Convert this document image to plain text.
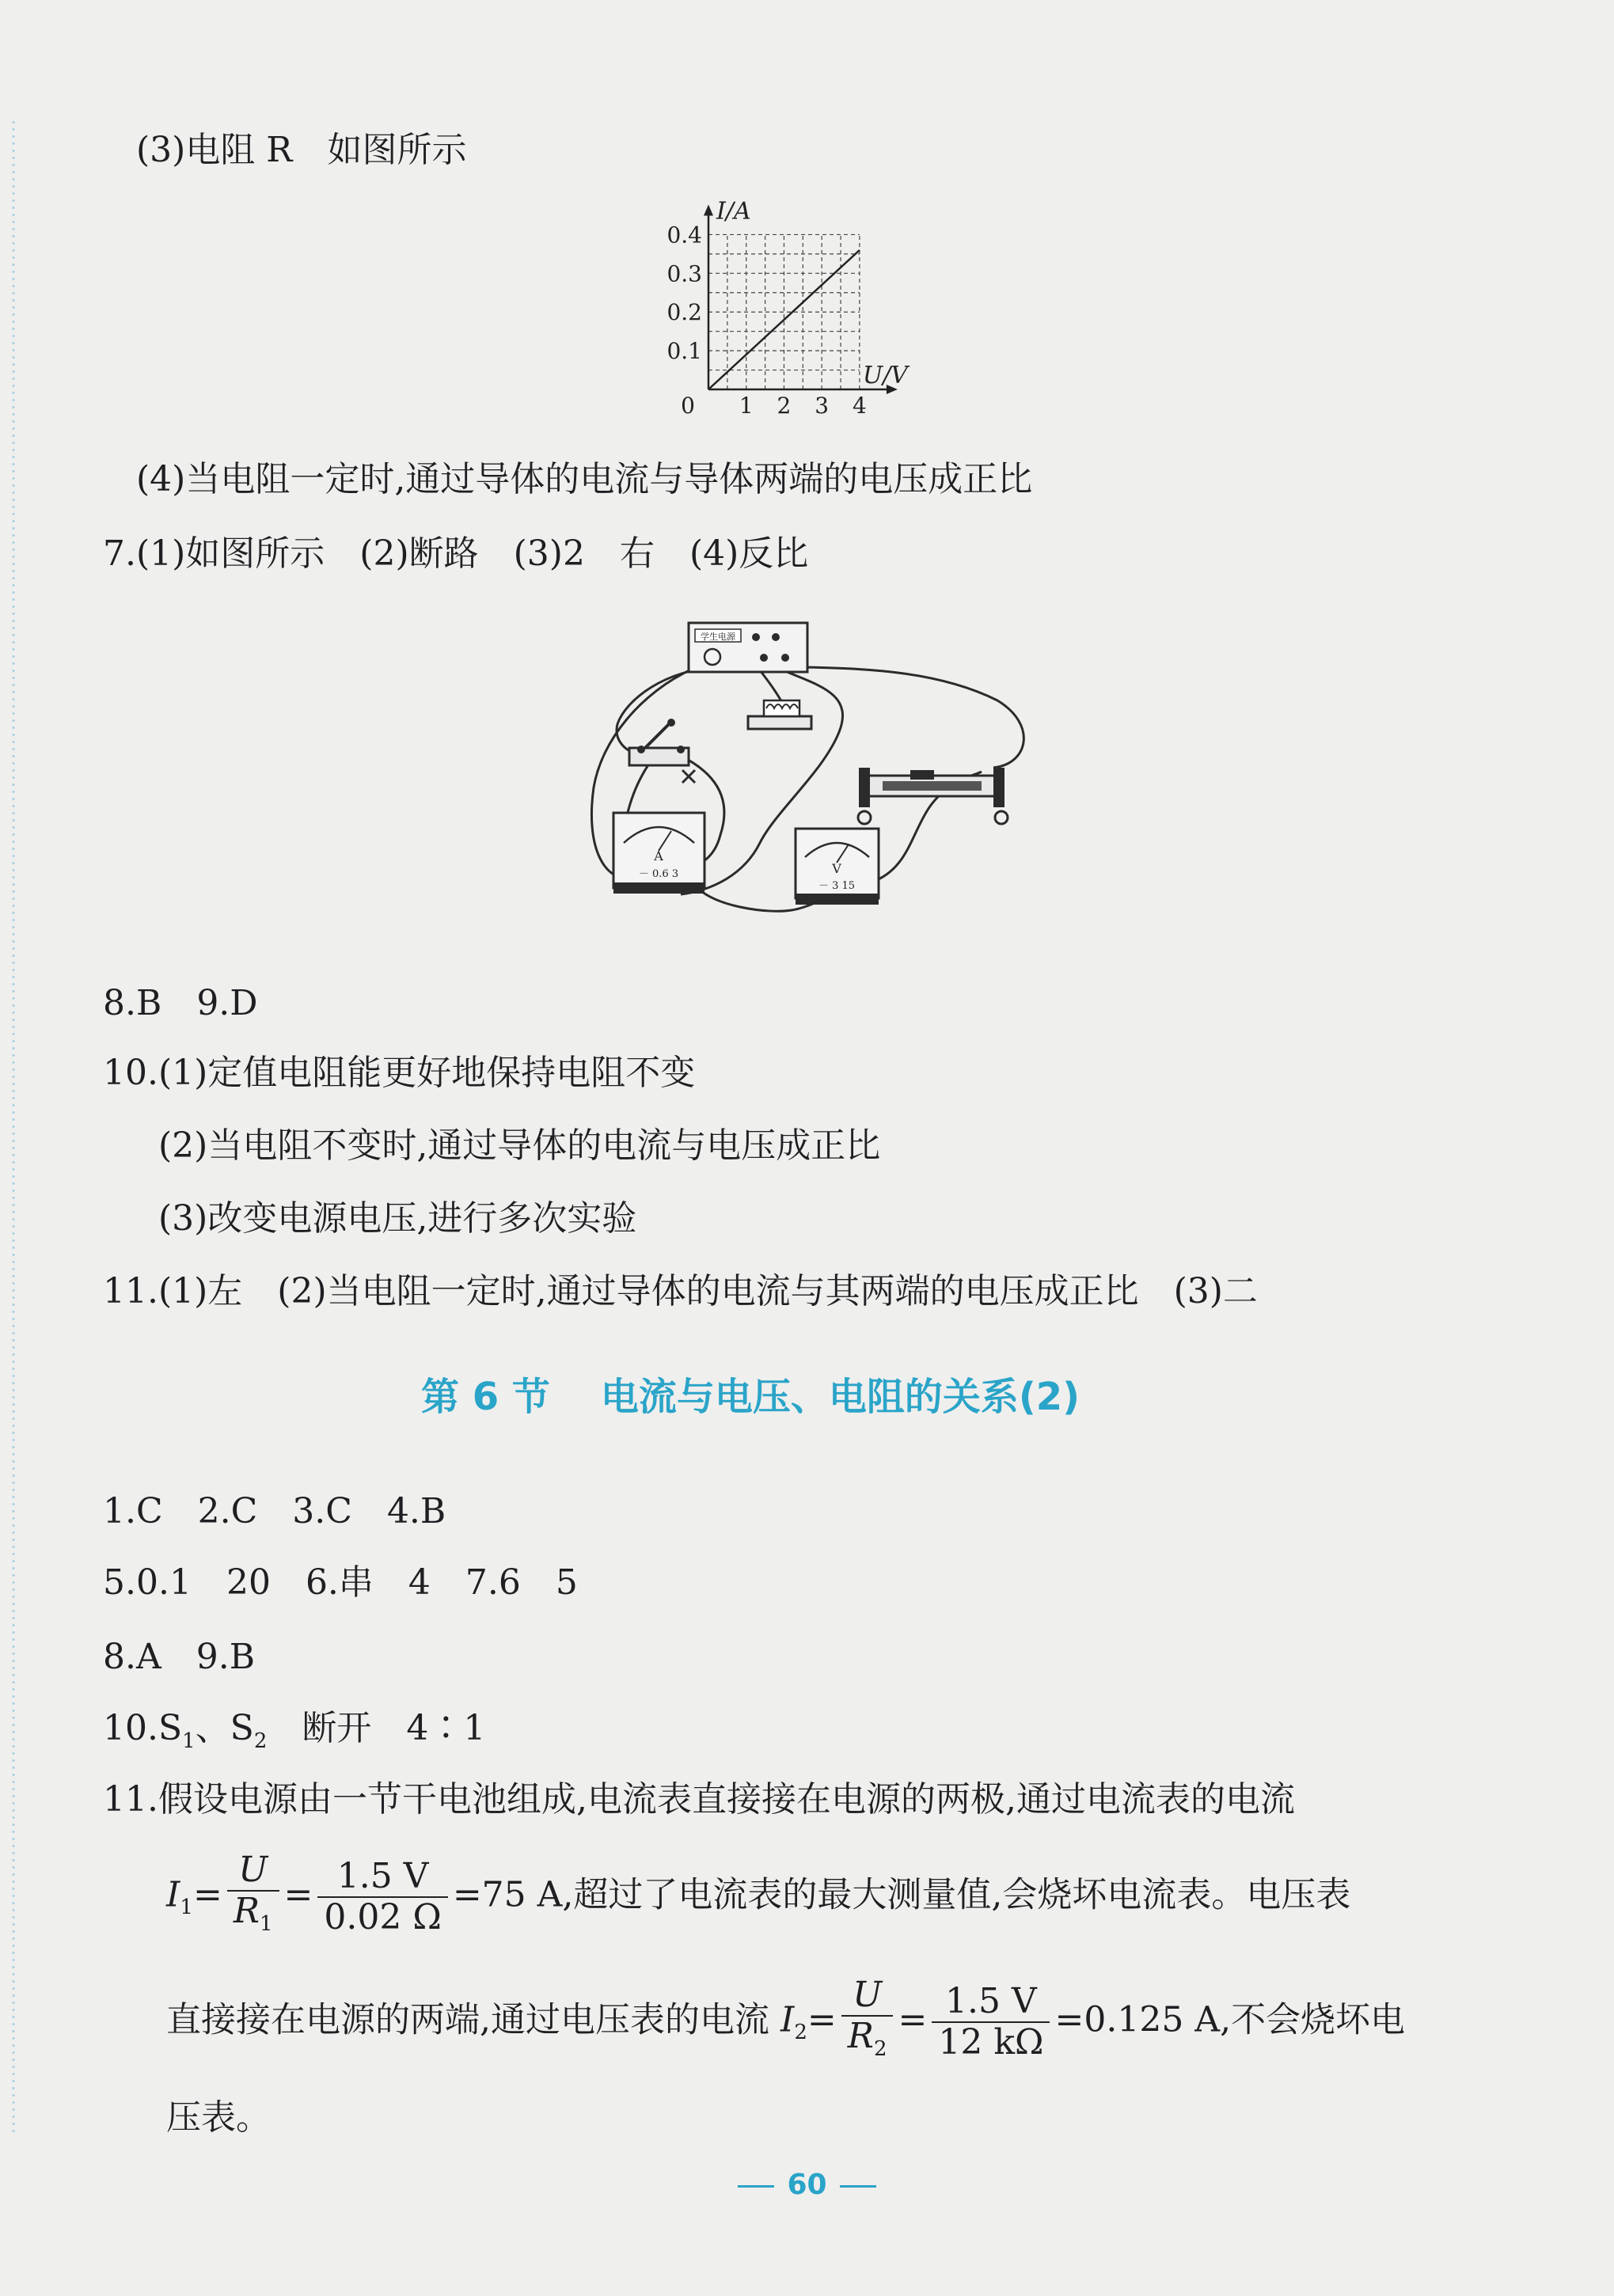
(3)电阻 R　如图所示
1 2 3 4
0.1
0.2
0.3
0.4
0
I/A
U/V
(4)当电阻一定时,通过导体的电流与导体两端的电压成正比
7.(1)如图所示　(2)断路　(3)2　右　(4)反比
学生电源
A
－ 0.6 3	V
－ 3 15
8.B　9.D
10.(1)定值电阻能更好地保持电阻不变
(2)当电阻不变时,通过导体的电流与电压成正比
(3)改变电源电压,进行多次实验
11.(1)左　(2)当电阻一定时,通过导体的电流与其两端的电压成正比　(3)二
第 6 节 电流与电压、电阻的关系(2)
1.C　2.C　3.C　4.B
5.0.1　20　6.串　4　7.6　5
8.A　9.B
$10.S_1$、$S_2$　断开　4∶1
11.假设电源由一节干电池组成,电流表直接接在电源的两极,通过电流表的电流
$I_1= \frac{U}{R_1} = \frac{1.5 V}{0.02 \Omega} =75$ A,超过了电流表的最大测量值,会烧坏电流表。电压表
直接接在电源的两端,通过电压表的电流 $I_2= \frac{U}{R_2} = \frac{1.5 V}{12 k\Omega} =0.125$ A,不会烧坏电
压表。
60
